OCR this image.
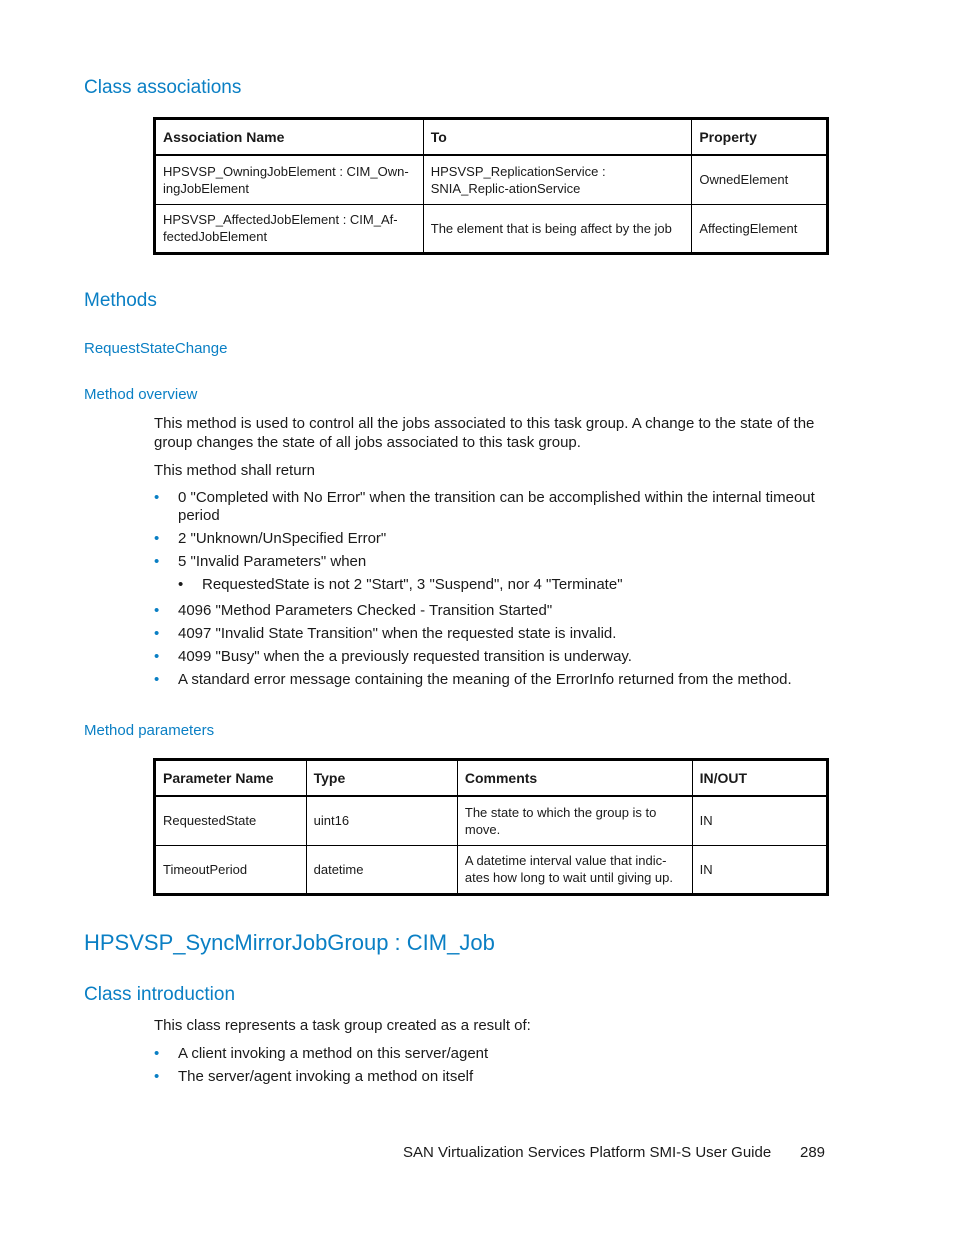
Class associations
Association Name	To	Property
HPSVSP_OwningJobElement : CIM_Own-ingJobElement	HPSVSP_ReplicationService : SNIA_Replic-ationService	OwnedElement
HPSVSP_AffectedJobElement : CIM_Af-fectedJobElement	The element that is being affect by the job	AffectingElement
Methods
RequestStateChange
Method overview
This method is used to control all the jobs associated to this task group. A change to the state of the group changes the state of all jobs associated to this task group.
This method shall return
• 0 "Completed with No Error" when the transition can be accomplished within the internal timeout period
• 2 "Unknown/UnSpecified Error"
• 5 "Invalid Parameters" when
• RequestedState is not 2 "Start", 3 "Suspend", nor 4 "Terminate"
• 4096 "Method Parameters Checked - Transition Started"
• 4097 "Invalid State Transition" when the requested state is invalid.
• 4099 "Busy" when the a previously requested transition is underway.
• A standard error message containing the meaning of the ErrorInfo returned from the method.
Method parameters
Parameter Name	Type	Comments	IN/OUT
RequestedState	uint16	The state to which the group is to move.	IN
TimeoutPeriod	datetime	A datetime interval value that indic-ates how long to wait until giving up.	IN
HPSVSP_SyncMirrorJobGroup : CIM_Job
Class introduction
This class represents a task group created as a result of:
• A client invoking a method on this server/agent
• The server/agent invoking a method on itself
SAN Virtualization Services Platform SMI-S User Guide 289
